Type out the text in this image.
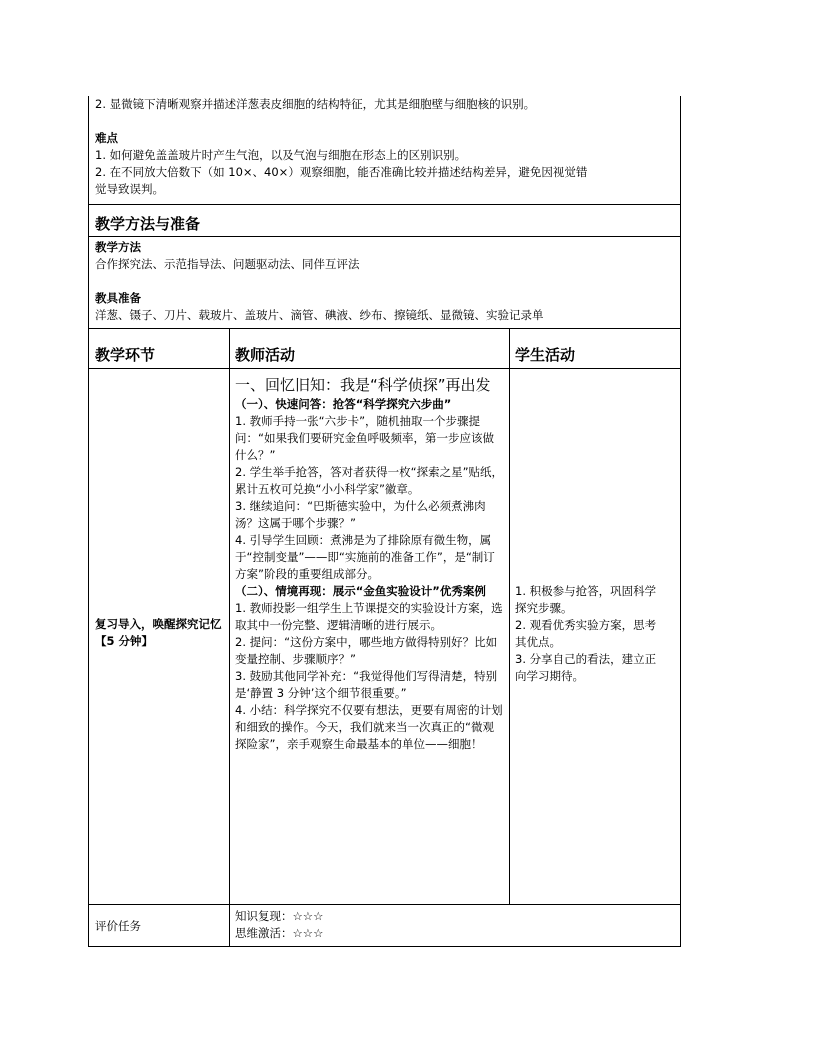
2. 显微镜下清晰观察并描述洋葱表皮细胞的结构特征，尤其是细胞壁与细胞核的识别。

难点

1. 如何避免盖盖玻片时产生气泡，以及气泡与细胞在形态上的区别识别。

2. 在不同放大倍数下（如 10×、40×）观察细胞，能否准确比较并描述结构差异，避免因视觉错

觉导致误判。

教学方法与准备

教学方法

合作探究法、示范指导法、问题驱动法、同伴互评法

教具准备

洋葱、镊子、刀片、载玻片、盖玻片、滴管、碘液、纱布、擦镜纸、显微镜、实验记录单

教学环节	教师活动	学生活动
复习导入，唤醒探究记忆【5 分钟】

一、回忆旧知：我是“科学侦探”再出发

（一）、快速问答：抢答“科学探究六步曲”

1. 教师手持一张“六步卡”，随机抽取一个步骤提问：“如果我们要研究金鱼呼吸频率，第一步应该做什么？”

2. 学生举手抢答，答对者获得一枚“探索之星”贴纸，累计五枚可兑换“小小科学家”徽章。

3. 继续追问：“巴斯德实验中，为什么必须煮沸肉汤？这属于哪个步骤？”

4. 引导学生回顾：煮沸是为了排除原有微生物，属于“控制变量”——即“实施前的准备工作”，是“制订方案”阶段的重要组成部分。

（二）、情境再现：展示“金鱼实验设计”优秀案例

1. 教师投影一组学生上节课提交的实验设计方案，选取其中一份完整、逻辑清晰的进行展示。

2. 提问：“这份方案中，哪些地方做得特别好？比如变量控制、步骤顺序？”

3. 鼓励其他同学补充：“我觉得他们写得清楚，特别是‘静置 3 分钟’这个细节很重要。”

4. 小结：科学探究不仅要有想法，更要有周密的计划和细致的操作。今天，我们就来当一次真正的“微观探险家”，亲手观察生命最基本的单位——细胞！

1. 积极参与抢答，巩固科学探究步骤。

2. 观看优秀实验方案，思考其优点。

3. 分享自己的看法，建立正向学习期待。

评价任务

知识复现：☆☆☆

思维激活：☆☆☆
